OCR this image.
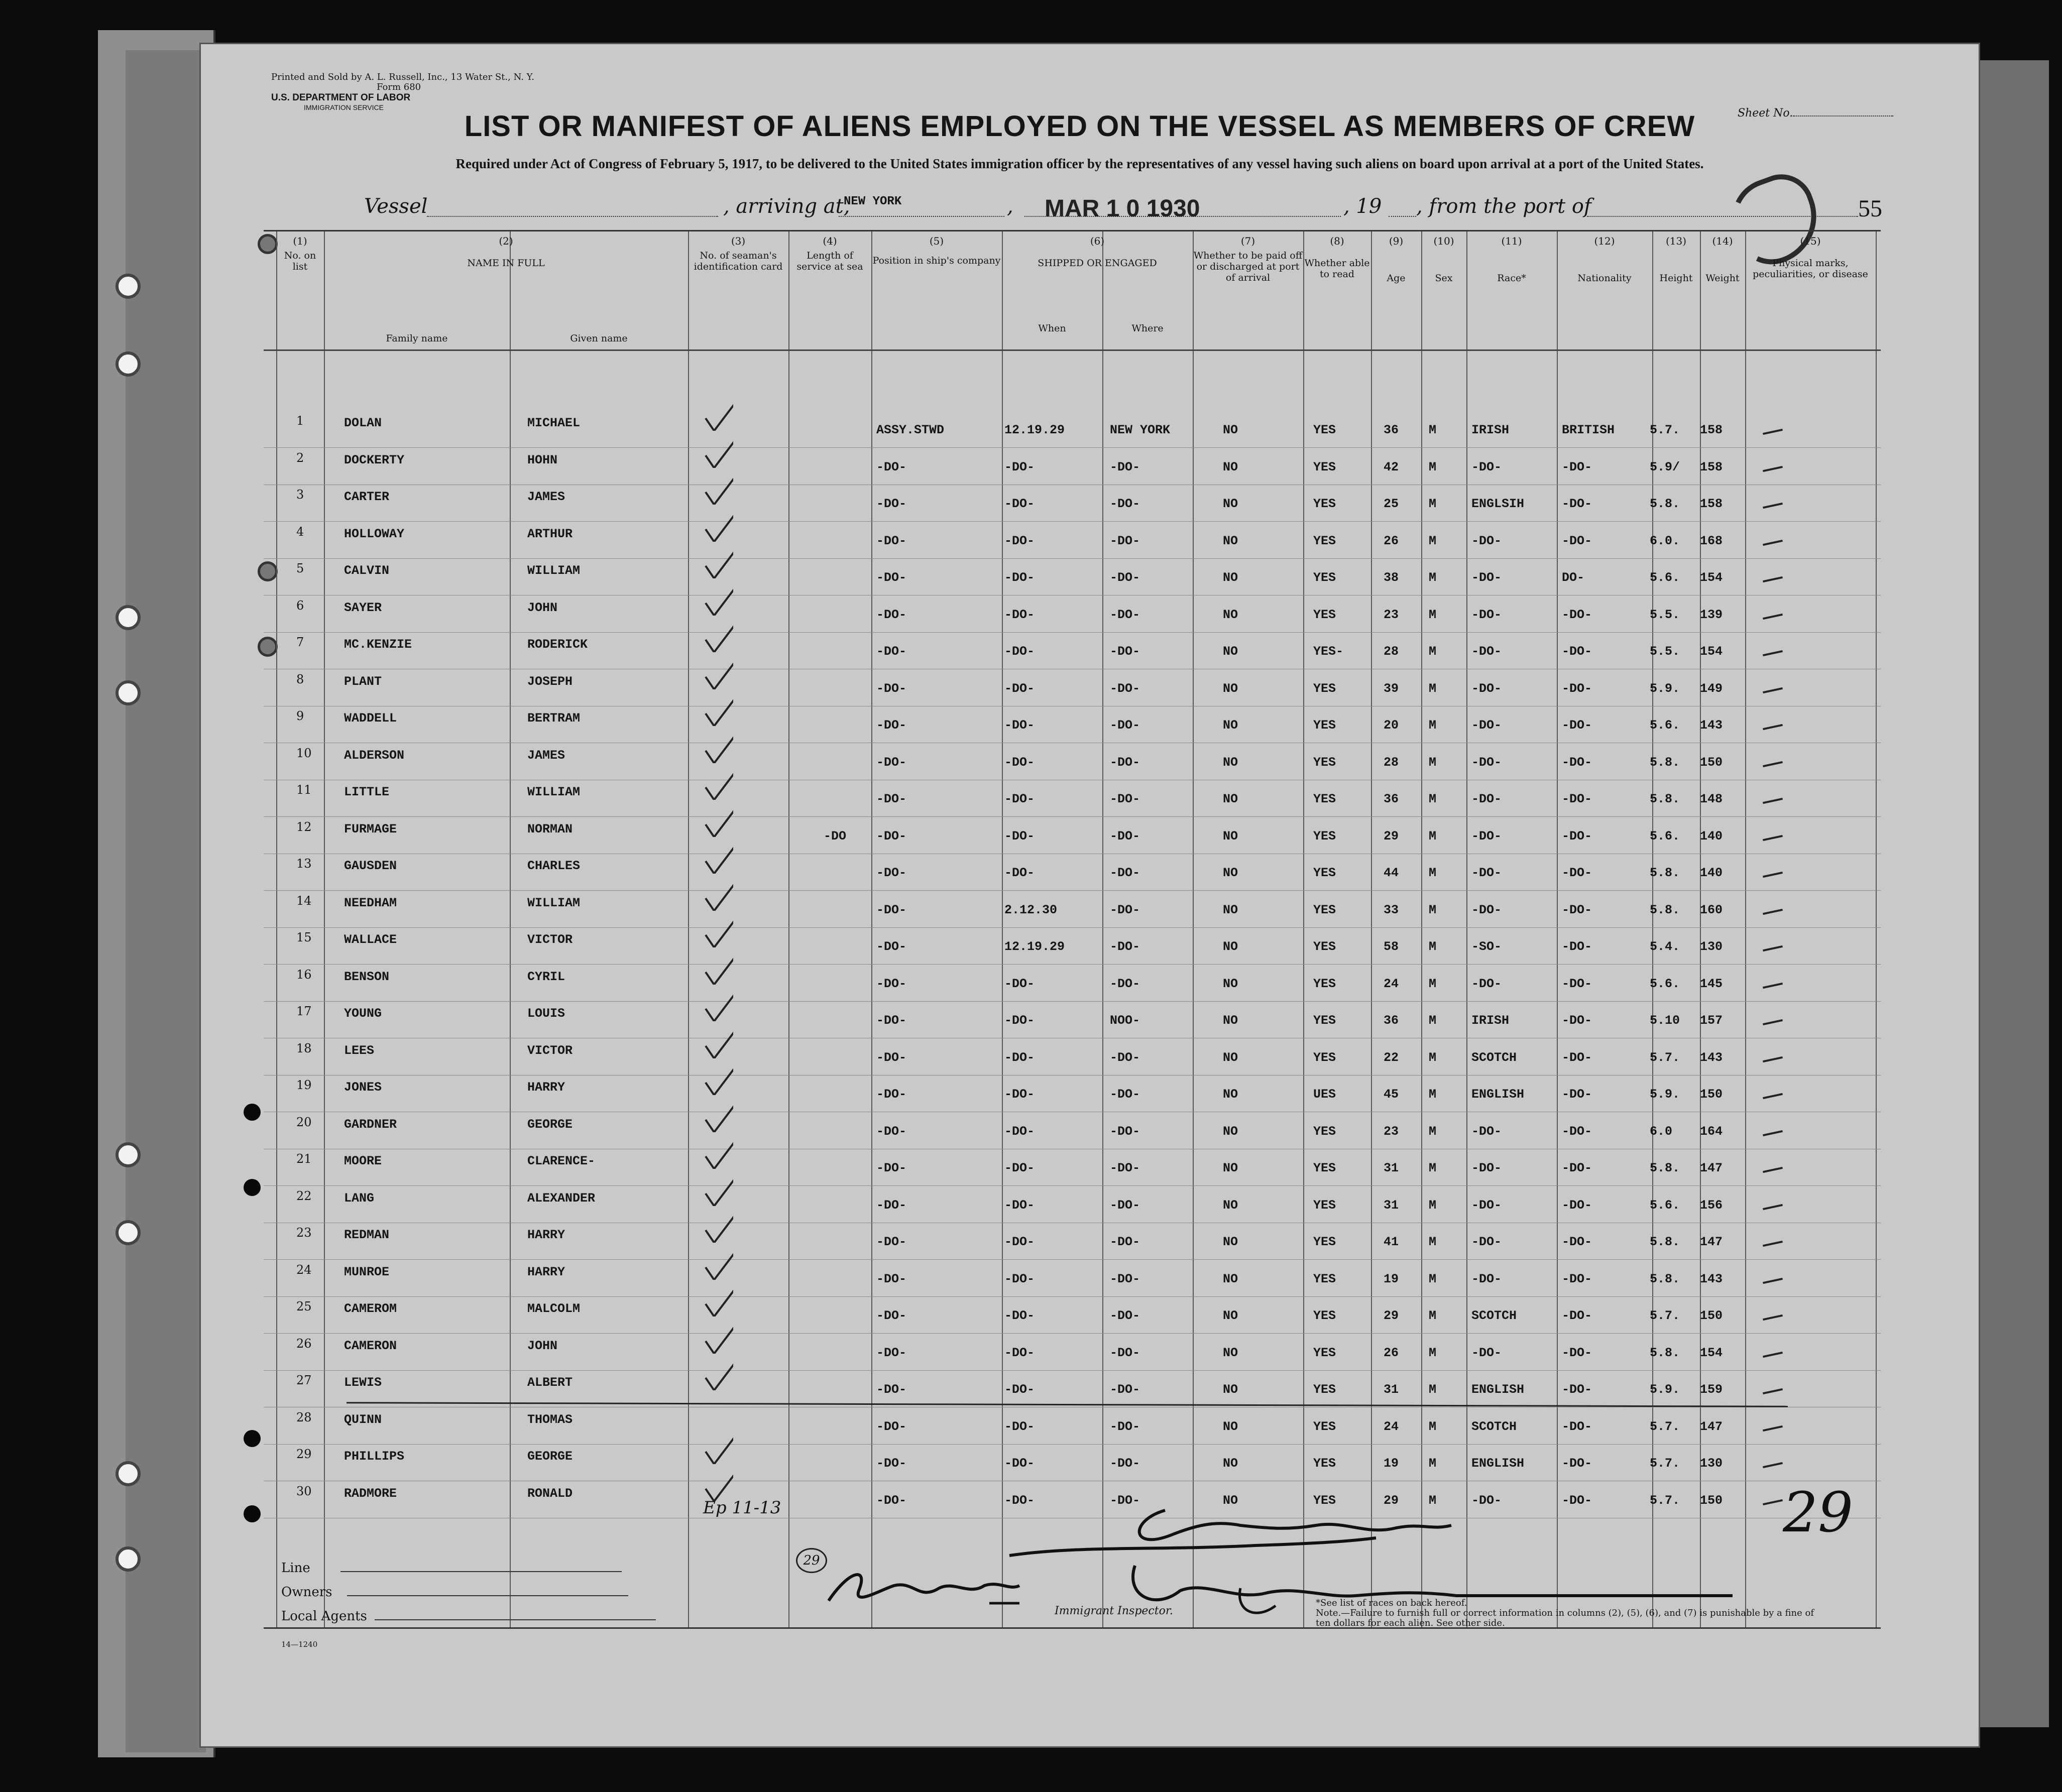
Printed and Sold by A. L. Russell, Inc., 13 Water St., N. Y.
Form 680
U.S. DEPARTMENT OF LABOR
IMMIGRATION SERVICE	Sheet No.
LIST OR MANIFEST OF ALIENS EMPLOYED ON THE VESSEL AS MEMBERS OF CREW
Required under Act of Congress of February 5, 1917, to be delivered to the United States immigration officer by the representatives of any vessel having such aliens on board upon arrival at a port of the United States.
Vessel	, arriving at,	,	, 19 , from the port of
NEW YORK	MAR 1 0 1930	55
(1)
No. on list
(2)
NAME IN FULL
Family name	Given name
(3)
No. of seaman's identification card
(4)
Length of service at sea
(5)
Position in ship's company
(6)
SHIPPED OR ENGAGED
When	Where
(7)
Whether to be paid off or discharged at port of arrival
(8)
Whether able to read
(9)
Age
(10)
Sex
(11)
Race*
(12)
Nationality
(13)
Height
(14)
Weight
(15)
Physical marks, peculiarities, or disease
1	DOLAN	MICHAEL	ASSY.STWD	12.19.29	NEW YORK	NO	YES	36 M	IRISH	BRITISH	5.7. 158
2	DOCKERTY	HOHN	-DO-	-DO-	-DO-	NO	YES	42 M	-DO-	-DO-	5.9/ 158
3	CARTER	JAMES	-DO-	-DO-	-DO-	NO	YES	25 M	ENGLSIH	-DO-	5.8. 158
4	HOLLOWAY	ARTHUR	-DO-	-DO-	-DO-	NO	YES	26 M	-DO-	-DO-	6.0. 168
5	CALVIN	WILLIAM	-DO-	-DO-	-DO-	NO	YES	38 M	-DO-	DO-	5.6. 154
6	SAYER	JOHN	-DO-	-DO-	-DO-	NO	YES	23 M	-DO-	-DO-	5.5. 139
7	MC.KENZIE	RODERICK	-DO-	-DO-	-DO-	NO	YES-	28 M	-DO-	-DO-	5.5. 154
8	PLANT	JOSEPH	-DO-	-DO-	-DO-	NO	YES	39 M	-DO-	-DO-	5.9. 149
9	WADDELL	BERTRAM	-DO-	-DO-	-DO-	NO	YES	20 M	-DO-	-DO-	5.6. 143
10	ALDERSON	JAMES	-DO-	-DO-	-DO-	NO	YES	28 M	-DO-	-DO-	5.8. 150
11	LITTLE	WILLIAM	-DO-	-DO-	-DO-	NO	YES	36 M	-DO-	-DO-	5.8. 148
12	FURMAGE	NORMAN	-DO -DO-	-DO-	-DO-	NO	YES	29 M	-DO-	-DO-	5.6. 140
13	GAUSDEN	CHARLES	-DO-	-DO-	-DO-	NO	YES	44 M	-DO-	-DO-	5.8. 140
14	NEEDHAM	WILLIAM	-DO-	2.12.30	-DO-	NO	YES	33 M	-DO-	-DO-	5.8. 160
15	WALLACE	VICTOR	-DO-	12.19.29	-DO-	NO	YES	58 M	-SO-	-DO-	5.4. 130
16	BENSON	CYRIL	-DO-	-DO-	-DO-	NO	YES	24 M	-DO-	-DO-	5.6. 145
17	YOUNG	LOUIS	-DO-	-DO-	NOO-	NO	YES	36 M	IRISH	-DO-	5.10 157
18	LEES	VICTOR	-DO-	-DO-	-DO-	NO	YES	22 M	SCOTCH	-DO-	5.7. 143
19	JONES	HARRY	-DO-	-DO-	-DO-	NO	UES	45 M	ENGLISH	-DO-	5.9. 150
20	GARDNER	GEORGE	-DO-	-DO-	-DO-	NO	YES	23 M	-DO-	-DO-	6.0 164
21	MOORE	CLARENCE-	-DO-	-DO-	-DO-	NO	YES	31 M	-DO-	-DO-	5.8. 147
22	LANG	ALEXANDER	-DO-	-DO-	-DO-	NO	YES	31 M	-DO-	-DO-	5.6. 156
23	REDMAN	HARRY	-DO-	-DO-	-DO-	NO	YES	41 M	-DO-	-DO-	5.8. 147
24	MUNROE	HARRY	-DO-	-DO-	-DO-	NO	YES	19 M	-DO-	-DO-	5.8. 143
25	CAMEROM	MALCOLM	-DO-	-DO-	-DO-	NO	YES	29 M	SCOTCH	-DO-	5.7. 150
26	CAMERON	JOHN	-DO-	-DO-	-DO-	NO	YES	26 M	-DO-	-DO-	5.8. 154
27	LEWIS	ALBERT	-DO-	-DO-	-DO-	NO	YES	31 M	ENGLISH	-DO-	5.9. 159
28	QUINN	THOMAS	-DO-	-DO-	-DO-	NO	YES	24 M	SCOTCH	-DO-	5.7. 147
29	PHILLIPS	GEORGE	-DO-	-DO-	-DO-	NO	YES	19 M	ENGLISH	-DO-	5.7. 130
30	RADMORE	RONALD	-DO-	-DO-	-DO-	NO	YES	29 M	-DO-	-DO-	5.7. 150
Ep 11-13
29
29
Line
Owners
Local Agents	Immigrant Inspector.
*See list of races on back hereof.
Note.—Failure to furnish full or correct information in columns (2), (5), (6), and (7) is punishable by a fine of ten dollars for each alien. See other side.
14—1240
